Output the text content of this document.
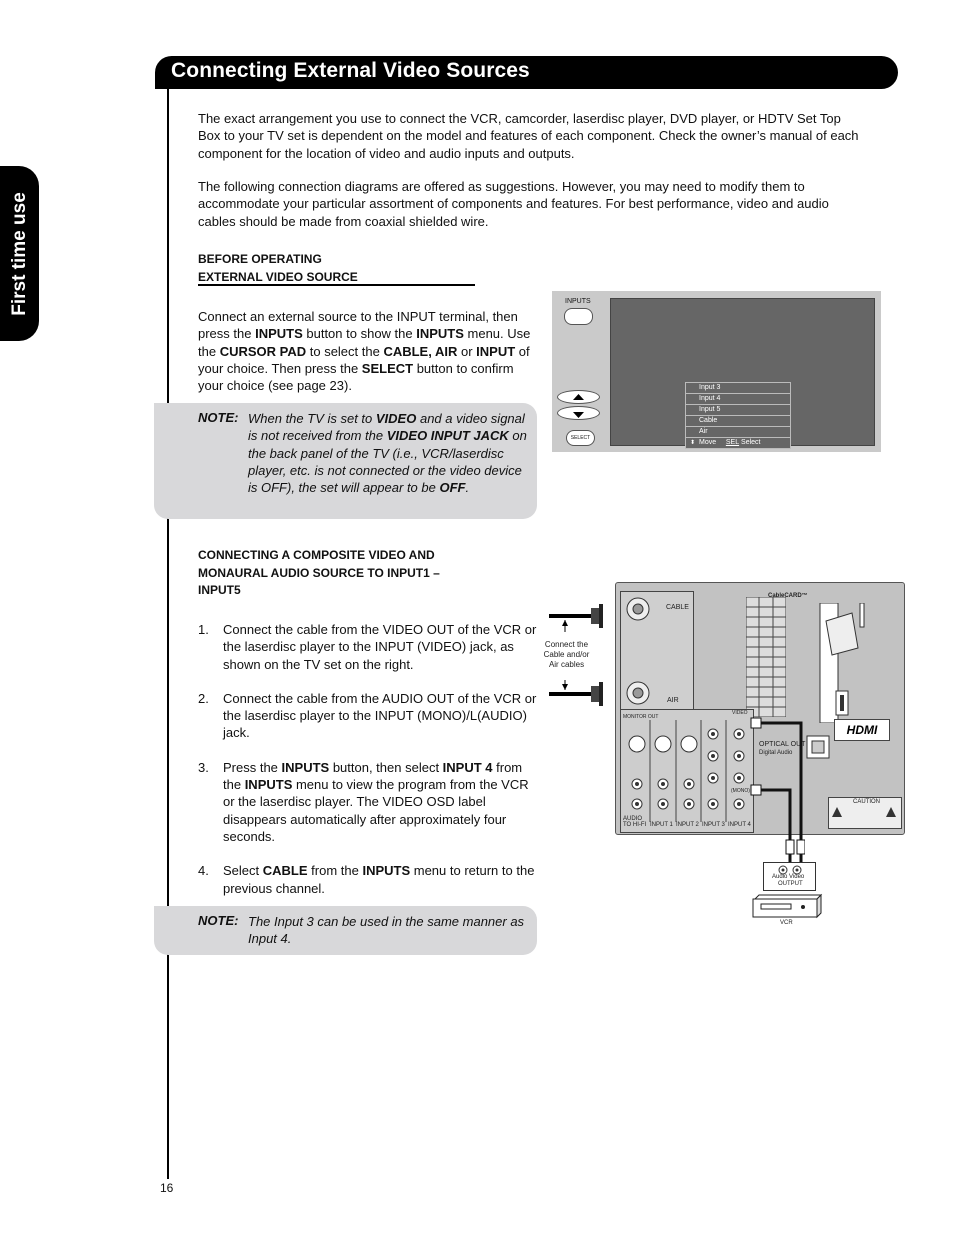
Connecting External Video Sources
First time use

The exact arrangement you use to connect the VCR, camcorder, laserdisc player, DVD player, or HDTV Set Top Box to your TV set is dependent on the model and features of each component. Check the owner’s manual of each component for the location of video and audio inputs and outputs.

The following connection diagrams are offered as suggestions. However, you may need to modify them to accommodate your particular assortment of components and features. For best performance, video and audio cables should be made from coaxial shielded wire.

BEFORE OPERATING
EXTERNAL VIDEO SOURCE

Connect an external source to the INPUT terminal, then press the INPUTS button to show the INPUTS menu. Use the CURSOR PAD to select the CABLE, AIR or INPUT of your choice. Then press the SELECT button to confirm your choice (see page 23).

NOTE: When the TV is set to VIDEO and a video signal is not received from the VIDEO INPUT JACK on the back panel of the TV (i.e., VCR/laserdisc player, etc. is not connected or the video device is OFF), the set will appear to be OFF.
INPUTS
SELECT
Input 3
Input 4
Input 5
Cable
Air
⬍ Move SEL Select

CONNECTING A COMPOSITE VIDEO AND
MONAURAL AUDIO SOURCE TO INPUT1 –
INPUT5

1. Connect the cable from the VIDEO OUT of the VCR or the laserdisc player to the INPUT (VIDEO) jack, as shown on the TV set on the right.
2. Connect the cable from the AUDIO OUT of the VCR or the laserdisc player to the INPUT (MONO)/L(AUDIO) jack.
3. Press the INPUTS button, then select INPUT 4 from the INPUTS menu to view the program from the VCR or the laserdisc player. The VIDEO OSD label disappears automatically after approximately four seconds.
4. Select CABLE from the INPUTS menu to return to the previous channel.
NOTE: The Input 3 can be used in the same manner as Input 4.
Connect the Cable and/or Air cables
CABLE
AIR
CableCARD™
HDMI
OPTICAL OUT
Digital Audio
CAUTION
MONITOR OUT
VIDEO
(MONO)
AUDIO TO HI-FI INPUT 1 INPUT 2 INPUT 3 INPUT 4
Audio Video
OUTPUT
VCR
16
